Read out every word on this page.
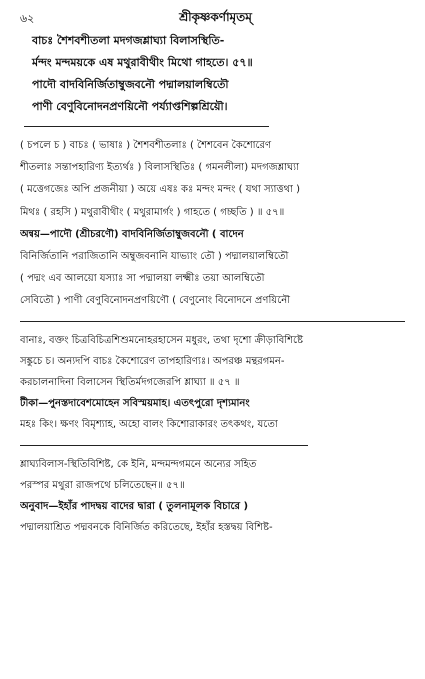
৬২	শ্রীকৃষ্ণকর্ণামৃতম্
বাচঃ শৈশবশীতলা মদগজশ্লাঘ্যা বিলাসস্থিতি-
র্মন্দং মন্দময়কে এষ মথুরাবীথীং মিথো গাহতে। ৫৭॥
পাদৌ বাদবিনির্জিতাম্বুজবনৌ পদ্মালয়ালম্বিতৌ
পাণী বেণুবিনোদনপ্রণয়িনৌ পর্য্যাপ্তশিল্পশ্রিয়ৌ।
( চপলে চ ) বাচঃ ( ভাষাঃ ) শৈশবশীতলাঃ ( শৈশবেন কৈশোরেণ
শীতলাঃ সন্তাপহারিণ্য ইত্যর্থঃ ) বিলাসস্থিতিঃ ( গমনলীলা) মদগজশ্লাঘ্যা
( মত্তেগজেঃ অপি প্রজনীয়া ) অয়ে এষঃ কঃ মন্দং মন্দং ( যথা স্যাত্তথা )
মিথঃ ( রহসি ) মথুরাবীথীং ( মথুরামার্গং ) গাহতে ( গচ্ছতি ) ॥ ৫৭॥
অন্বয়—পাদৌ (শ্রীচরণৌ) বাদবিনির্জিতাম্বুজবনৌ ( বাদেন
বিনির্জিতানি পরাজিতানি অম্বুজবনানি যাভ্যাং তৌ ) পদ্মালয়ালম্বিতৌ
( পদ্মং এব আলয়ো যস্যাঃ সা পদ্মালয়া লক্ষ্মীঃ তয়া আলম্বিতৌ
সেবিতৌ ) পাণী বেণুবিনোদনপ্রণয়িণৌ ( বেণুনোং বিনোদনে প্রণয়িনৌ
বানাঃ, বক্তং চিত্রবিচিত্রশিশুমনোহরহাসেন মধুরং, তথা দৃশো ক্রীড়াবিশিষ্টে
সঙ্কুচে চ। অন্যদপি বাচঃ কৈশোরেণ তাপহারিণ্যঃ। অপরঞ্চ মন্থরগমন-
করচালনাদিনা বিলাসেন স্থিতির্মদগজেরপি শ্লাঘ্যা ॥ ৫৭ ॥
টীকা—পুনস্তদাবেশমোহেন সবিস্ময়মাহ। এতৎপুরো দৃশ্যমানং
মহঃ কিং। ক্ষণং বিমৃশ্যাহ, অহো বালং কিশোরাকারং তৎকথং, যতো
শ্লাঘ্যবিলাস-স্থিতিবিশিষ্ট, কে ইনি, মন্দমন্দগমনে অন্যের সহিত
পরস্পর মথুরা রাজপথে চলিতেছেন॥ ৫৭॥
অনুবাদ—ইহাঁর পাদদ্বয় বাদের দ্বারা ( তুলনামূলক বিচারে )
পদ্মালয়াশ্রিত পদ্মবনকে বিনির্জিত করিতেছে, ইহাঁর হস্তদ্বয় বিশিষ্ট-
